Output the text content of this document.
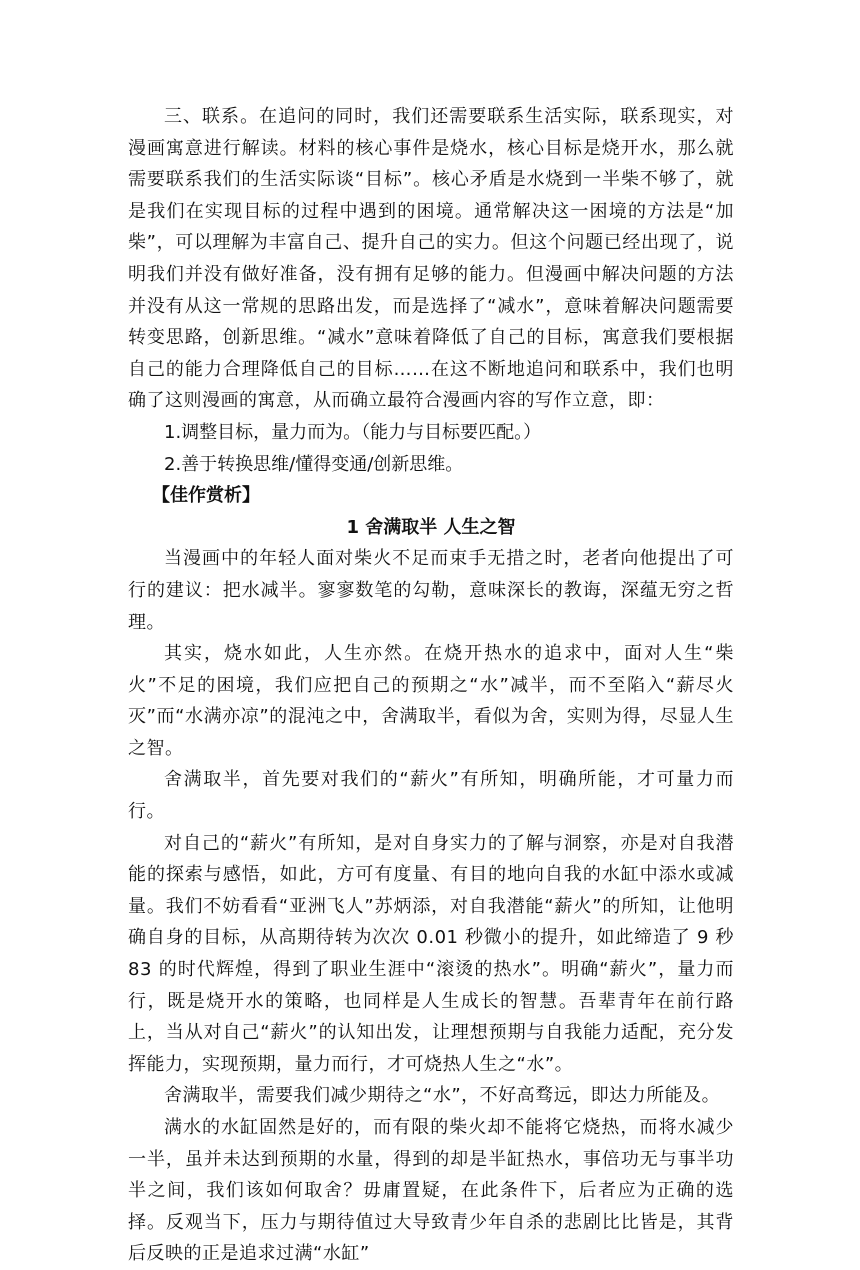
三、联系。在追问的同时，我们还需要联系生活实际，联系现实，对漫画寓意进行解读。材料的核心事件是烧水，核心目标是烧开水，那么就需要联系我们的生活实际谈“目标”。核心矛盾是水烧到一半柴不够了，就是我们在实现目标的过程中遇到的困境。通常解决这一困境的方法是“加柴”，可以理解为丰富自己、提升自己的实力。但这个问题已经出现了，说明我们并没有做好准备，没有拥有足够的能力。但漫画中解决问题的方法并没有从这一常规的思路出发，而是选择了“减水”，意味着解决问题需要转变思路，创新思维。“减水”意味着降低了自己的目标，寓意我们要根据自己的能力合理降低自己的目标……在这不断地追问和联系中，我们也明确了这则漫画的寓意，从而确立最符合漫画内容的写作立意，即：

1.调整目标，量力而为。（能力与目标要匹配。）

2.善于转换思维/懂得变通/创新思维。

【佳作赏析】

1 舍满取半 人生之智

当漫画中的年轻人面对柴火不足而束手无措之时，老者向他提出了可行的建议：把水减半。寥寥数笔的勾勒，意味深长的教诲，深蕴无穷之哲理。

其实，烧水如此，人生亦然。在烧开热水的追求中，面对人生“柴火”不足的困境，我们应把自己的预期之“水”减半，而不至陷入“薪尽火灭”而“水满亦凉”的混沌之中，舍满取半，看似为舍，实则为得，尽显人生之智。

舍满取半，首先要对我们的“薪火”有所知，明确所能，才可量力而行。

对自己的“薪火”有所知，是对自身实力的了解与洞察，亦是对自我潜能的探索与感悟，如此，方可有度量、有目的地向自我的水缸中添水或减量。我们不妨看看“亚洲飞人”苏炳添，对自我潜能“薪火”的所知，让他明确自身的目标，从高期待转为次次 0.01 秒微小的提升，如此缔造了 9 秒 83 的时代辉煌，得到了职业生涯中“滚烫的热水”。明确“薪火”，量力而行，既是烧开水的策略，也同样是人生成长的智慧。吾辈青年在前行路上，当从对自己“薪火”的认知出发，让理想预期与自我能力适配，充分发挥能力，实现预期，量力而行，才可烧热人生之“水”。

舍满取半，需要我们减少期待之“水”，不好高骛远，即达力所能及。

满水的水缸固然是好的，而有限的柴火却不能将它烧热，而将水减少一半，虽并未达到预期的水量，得到的却是半缸热水，事倍功无与事半功半之间，我们该如何取舍？毋庸置疑，在此条件下，后者应为正确的选择。反观当下，压力与期待值过大导致青少年自杀的悲剧比比皆是，其背后反映的正是追求过满“水缸”
